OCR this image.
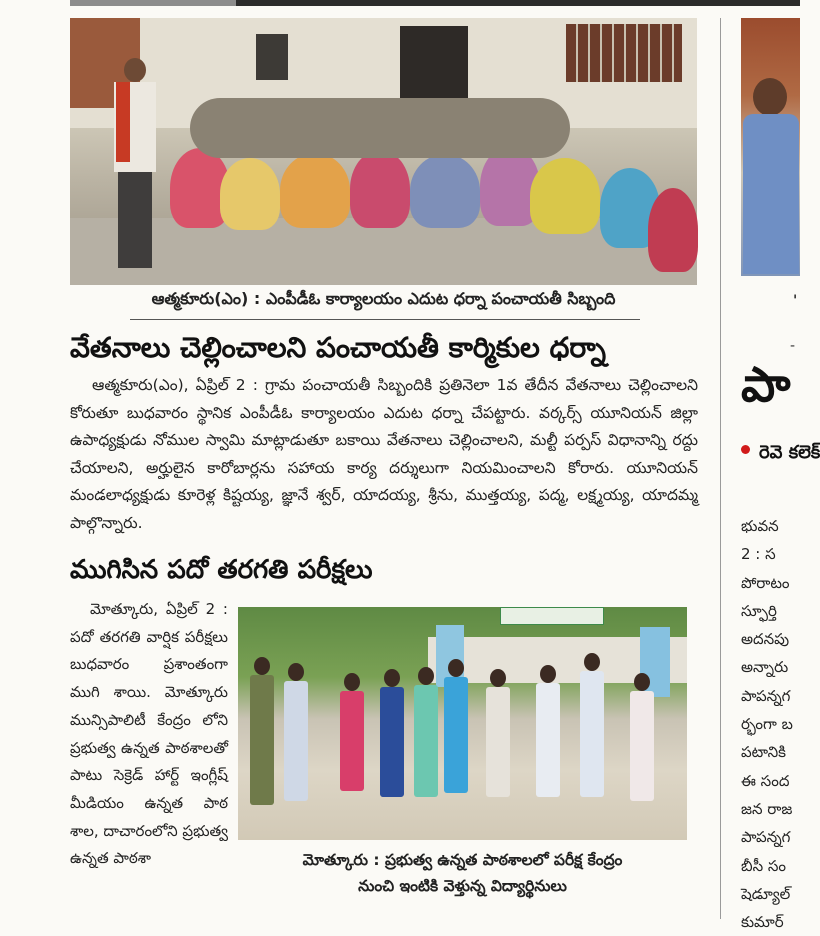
ఆత్మకూరు(ఎం) : ఎంపీడీఓ కార్యాలయం ఎదుట ధర్నా పంచాయతీ సిబ్బంది
వేతనాలు చెల్లించాలని పంచాయతీ కార్మికుల ధర్నా

ఆత్మకూరు(ఎం), ఏప్రిల్ 2 : గ్రామ పంచాయతీ సిబ్బందికి ప్రతినెలా 1వ తేదీన వేతనాలు చెల్లించాలని కోరుతూ బుధవారం స్థానిక ఎంపీడీఓ కార్యాలయం ఎదుట ధర్నా చేపట్టారు. వర్కర్స్ యూనియన్ జిల్లా ఉపాధ్యక్షుడు నోముల స్వామి మాట్లాడుతూ బకాయి వేతనాలు చెల్లించాలని, మల్టీ పర్పస్ విధానాన్ని రద్దు చేయాలని, అర్హులైన కారోబార్లను సహాయ కార్య దర్శులుగా నియమించాలని కోరారు. యూనియన్ మండలాధ్యక్షుడు కూరెళ్ల కిష్టయ్య, జ్ఞానే శ్వర్, యాదయ్య, శ్రీను, ముత్తయ్య, పద్మ, లక్ష్మయ్య, యాదమ్మ పాల్గొన్నారు.

ముగిసిన పదో తరగతి పరీక్షలు

మోత్కూరు, ఏప్రిల్ 2 : పదో తరగతి వార్షిక పరీక్షలు బుధవారం ప్రశాంతంగా ముగి శాయి. మోత్కూరు మున్సిపాలిటీ కేంద్రం లోని ప్రభుత్వ ఉన్నత పాఠశాలతో పాటు సెక్రెడ్ హార్ట్ ఇంగ్లీష్ మీడియం ఉన్నత పాఠ శాల, దాచారంలోని ప్రభుత్వ ఉన్నత పాఠశా	మోత్కూరు : ప్రభుత్వ ఉన్నత పాఠశాలలో పరీక్ష కేంద్రం
నుంచి ఇంటికి వెళ్తున్న విద్యార్థినులు
'
-
పా
రెవె కలెక్
భువన
2 : స
పోరాటం
స్ఫూర్తి
అదనపు
అన్నారు
పాపన్నగ
ర్భంగా బ
పటానికి
ఈ సంద
జన రాజ
పాపన్నగ
బీసీ సం
షెడ్యూల్
కుమార్
